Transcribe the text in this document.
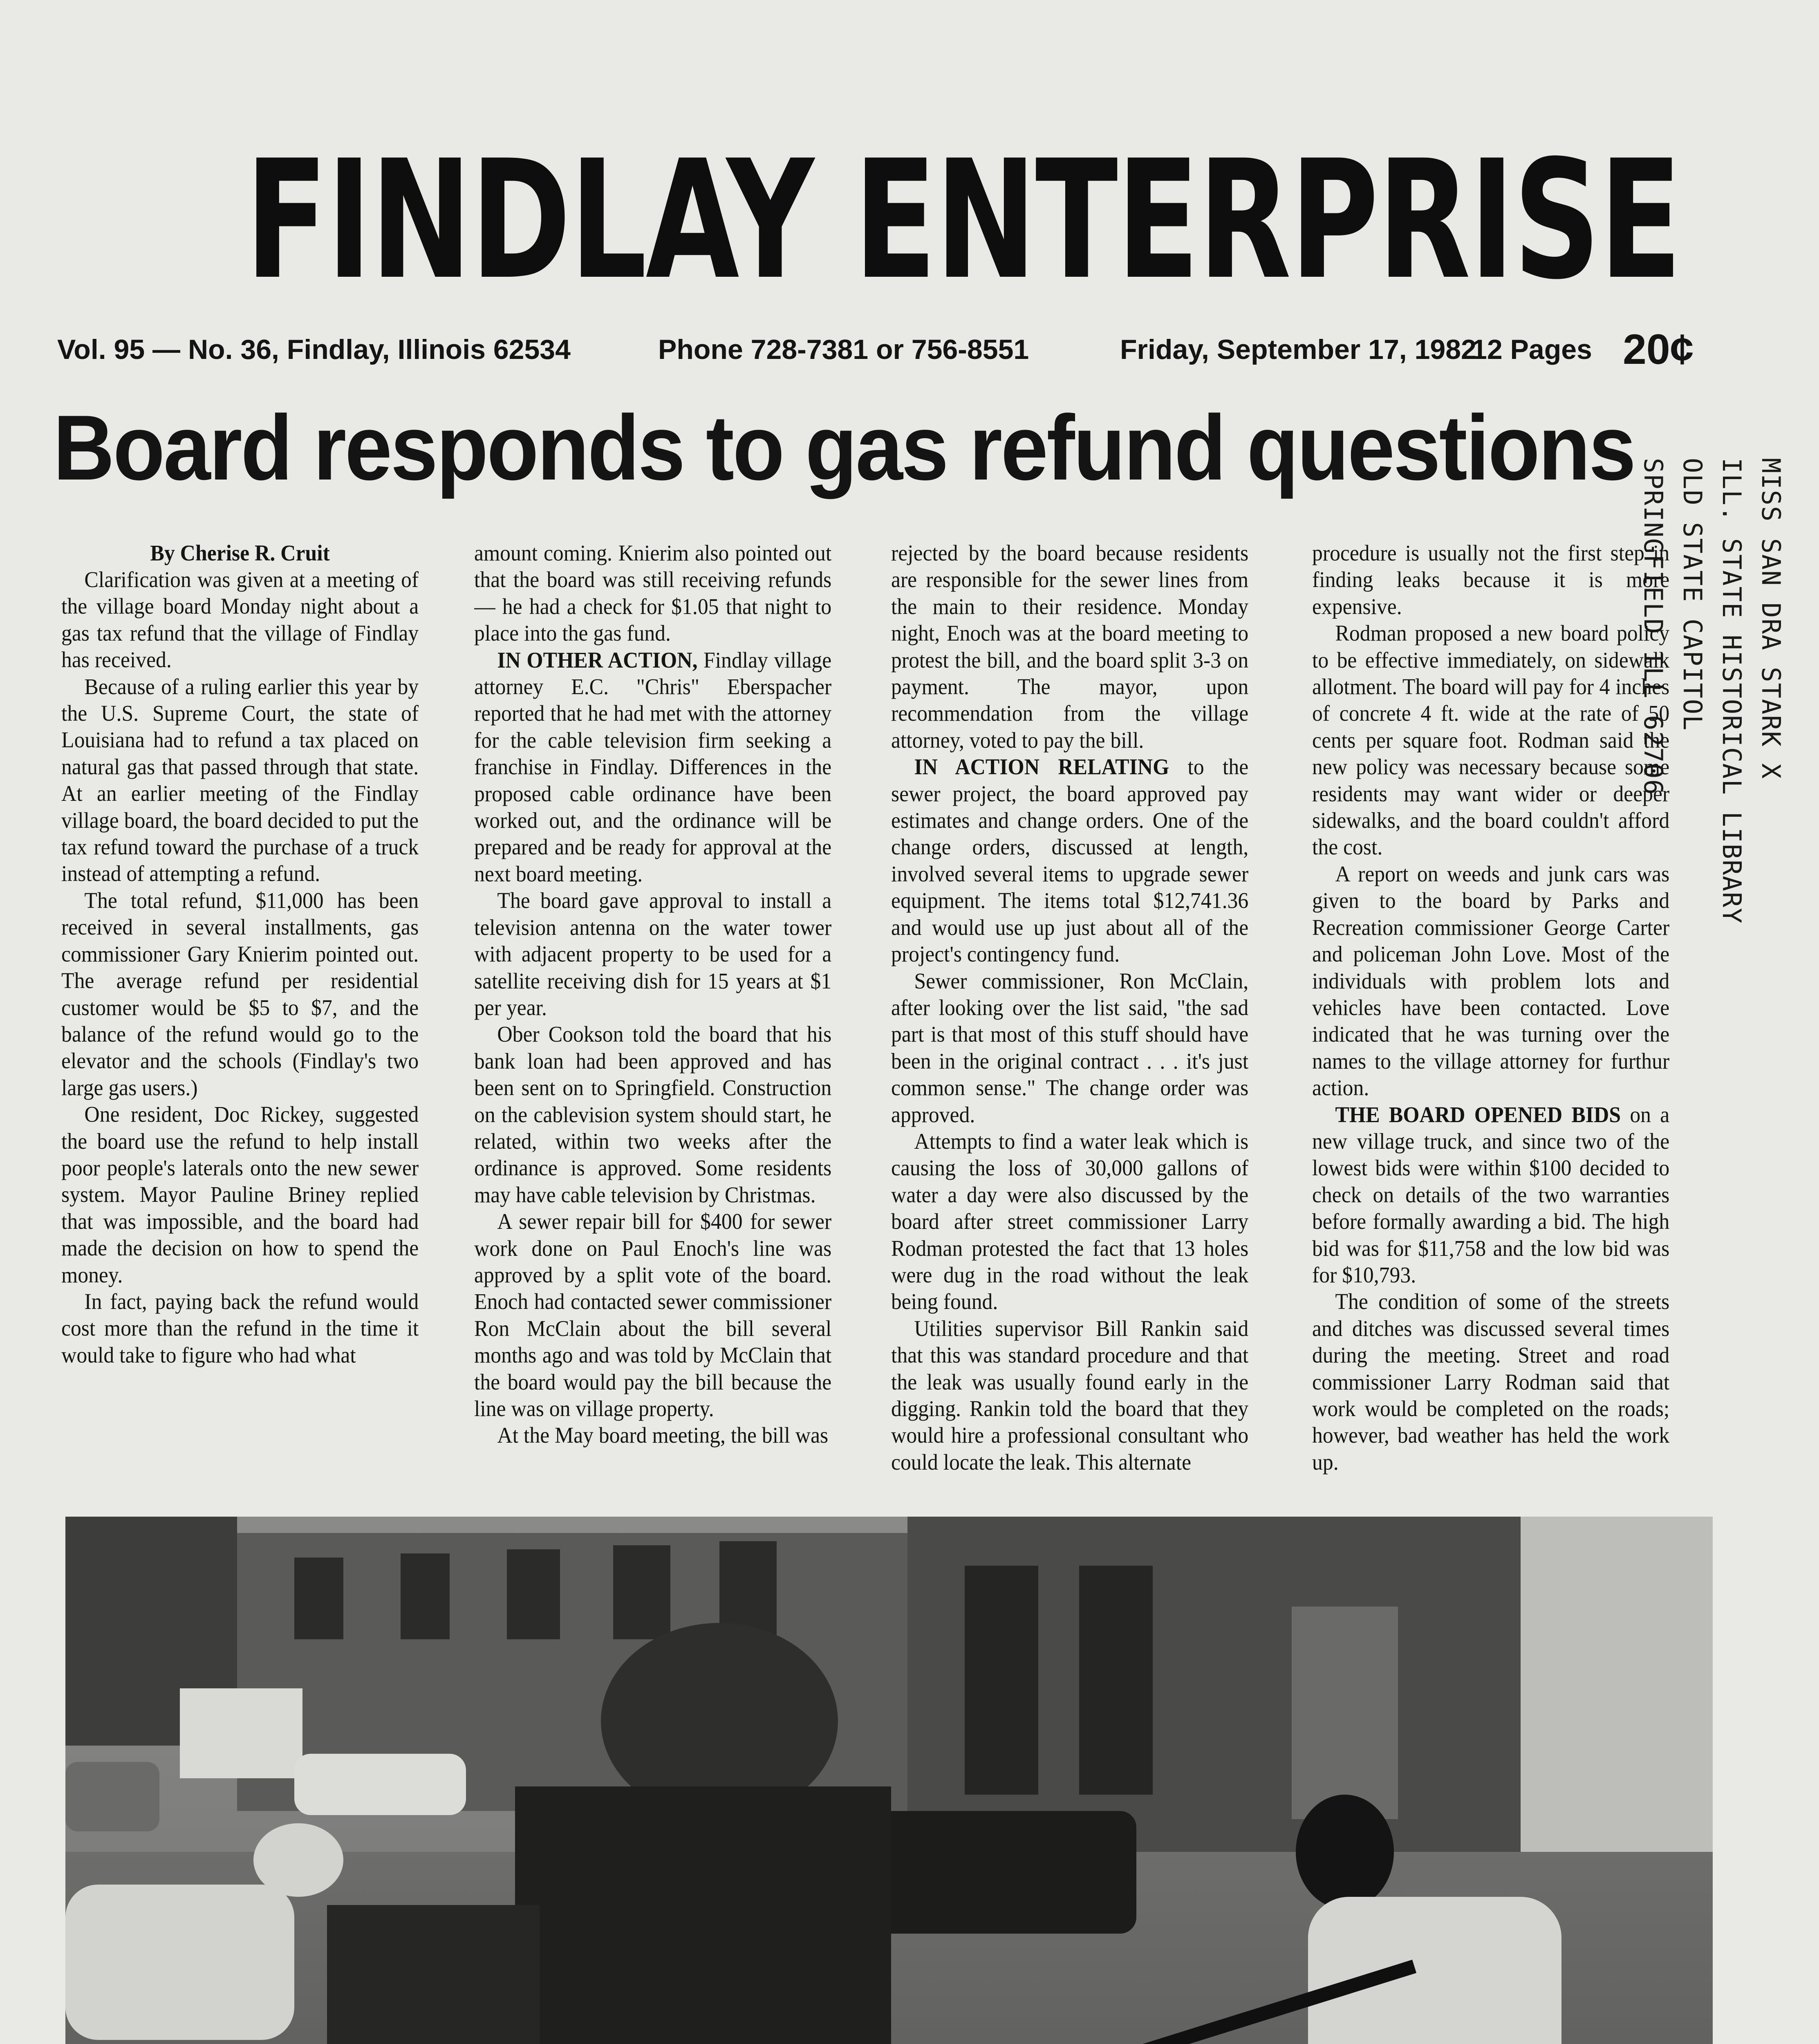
FINDLAY ENTERPRISE
Vol. 95 — No. 36, Findlay, Illinois 62534	Phone 728-7381 or 756-8551	Friday, September 17, 1982
12 Pages 20¢
Board responds to gas refund questions
MISS SAN DRA STARK X
ILL. STATE HISTORICAL LIBRARY
OLD STATE CAPITOL
SPRINGFIELD ILL 62706

By Cherise R. Cruit

Clarification was given at a meeting of the village board Monday night about a gas tax refund that the village of Findlay has received.

Because of a ruling earlier this year by the U.S. Supreme Court, the state of Louisiana had to refund a tax placed on natural gas that passed through that state. At an earlier meeting of the Findlay village board, the board decided to put the tax refund toward the purchase of a truck instead of attempting a refund.

The total refund, $11,000 has been received in several installments, gas commissioner Gary Knierim pointed out. The average refund per residential customer would be $5 to $7, and the balance of the refund would go to the elevator and the schools (Findlay's two large gas users.)

One resident, Doc Rickey, suggested the board use the refund to help install poor people's laterals onto the new sewer system. Mayor Pauline Briney replied that was impossible, and the board had made the decision on how to spend the money.

In fact, paying back the refund would cost more than the refund in the time it would take to figure who had what

amount coming. Knierim also pointed out that the board was still receiving refunds — he had a check for $1.05 that night to place into the gas fund.

IN OTHER ACTION, Findlay village attorney E.C. "Chris" Eberspacher reported that he had met with the attorney for the cable television firm seeking a franchise in Findlay. Differences in the proposed cable ordinance have been worked out, and the ordinance will be prepared and be ready for approval at the next board meeting.

The board gave approval to install a television antenna on the water tower with adjacent property to be used for a satellite receiving dish for 15 years at $1 per year.

Ober Cookson told the board that his bank loan had been approved and has been sent on to Springfield. Construction on the cablevision system should start, he related, within two weeks after the ordinance is approved. Some residents may have cable television by Christmas.

A sewer repair bill for $400 for sewer work done on Paul Enoch's line was approved by a split vote of the board. Enoch had contacted sewer commissioner Ron McClain about the bill several months ago and was told by McClain that the board would pay the bill because the line was on village property.

At the May board meeting, the bill was

rejected by the board because residents are responsible for the sewer lines from the main to their residence. Monday night, Enoch was at the board meeting to protest the bill, and the board split 3-3 on payment. The mayor, upon recommendation from the village attorney, voted to pay the bill.

IN ACTION RELATING to the sewer project, the board approved pay estimates and change orders. One of the change orders, discussed at length, involved several items to upgrade sewer equipment. The items total $12,741.36 and would use up just about all of the project's contingency fund.

Sewer commissioner, Ron McClain, after looking over the list said, "the sad part is that most of this stuff should have been in the original contract . . . it's just common sense." The change order was approved.

Attempts to find a water leak which is causing the loss of 30,000 gallons of water a day were also discussed by the board after street commissioner Larry Rodman protested the fact that 13 holes were dug in the road without the leak being found.

Utilities supervisor Bill Rankin said that this was standard procedure and that the leak was usually found early in the digging. Rankin told the board that they would hire a professional consultant who could locate the leak. This alternate

procedure is usually not the first step in finding leaks because it is more expensive.

Rodman proposed a new board policy to be effective immediately, on sidewalk allotment. The board will pay for 4 inches of concrete 4 ft. wide at the rate of 50 cents per square foot. Rodman said the new policy was necessary because some residents may want wider or deeper sidewalks, and the board couldn't afford the cost.

A report on weeds and junk cars was given to the board by Parks and Recreation commissioner George Carter and policeman John Love. Most of the individuals with problem lots and vehicles have been contacted. Love indicated that he was turning over the names to the village attorney for furthur action.

THE BOARD OPENED BIDS on a new village truck, and since two of the lowest bids were within $100 decided to check on details of the two warranties before formally awarding a bid. The high bid was for $11,758 and the low bid was for $10,793.

The condition of some of the streets and ditches was discussed several times during the meeting. Street and road commissioner Larry Rodman said that work would be completed on the roads; however, bad weather has held the work up.
